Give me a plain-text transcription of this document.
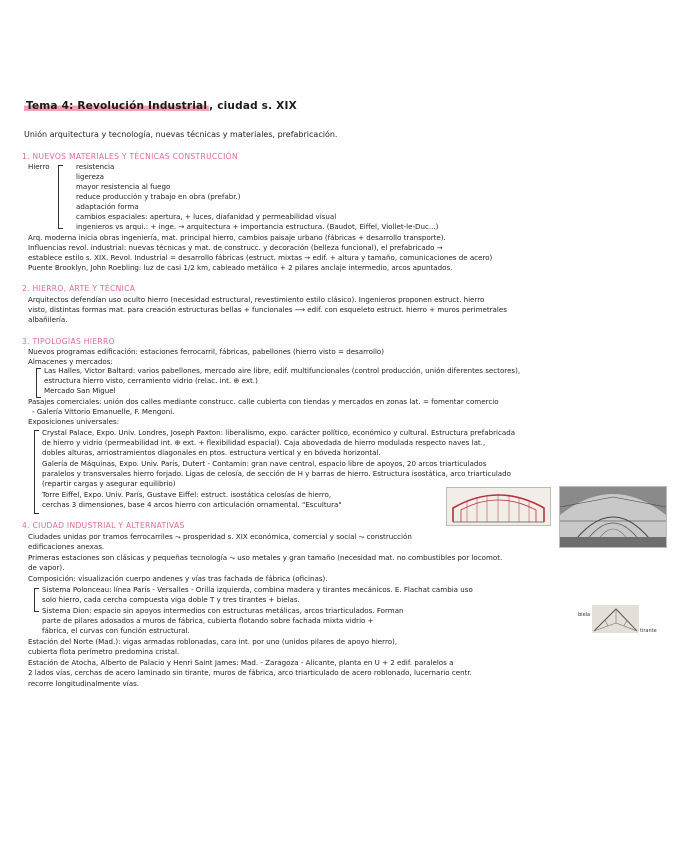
Tema 4: Revolución Industrial , ciudad s. XIX
Unión arquitectura y tecnología, nuevas técnicas y materiales, prefabricación.
1. NUEVOS MATERIALES Y TÉCNICAS CONSTRUCCIÓN
Hierro	resistencia
ligereza
mayor resistencia al fuego
reduce producción y trabajo en obra (prefabr.)
adaptación forma
cambios espaciales: apertura, + luces, diafanidad y permeabilidad visual
ingenieros vs arqui.: + inge. → arquitectura + importancia estructura. (Baudot, Eiffel, Viollet-le-Duc...)
Arq. moderna inicia obras ingeniería, mat. principal hierro, cambios paisaje urbano (fábricas + desarrollo transporte).
Influencias revol. industrial: nuevas técnicas y mat. de construcc. y decoración (belleza funcional), el prefabricado →
establece estilo s. XIX. Revol. Industrial = desarrollo fábricas (estruct. mixtas → edif. + altura y tamaño, comunicaciones de acero)
Puente Brooklyn, John Roebling: luz de casi 1/2 km, cableado metálico + 2 pilares anclaje intermedio, arcos apuntados.
2. HIERRO, ARTE Y TÉCNICA
Arquitectos defendían uso oculto hierro (necesidad estructural, revestimiento estilo clásico). Ingenieros proponen estruct. hierro
visto, distintas formas mat. para creación estructuras bellas + funcionales ⟶ edif. con esqueleto estruct. hierro + muros perimetrales
albañilería.
3. TIPOLOGÍAS HIERRO
Nuevos programas edificación: estaciones ferrocarril, fábricas, pabellones (hierro visto = desarrollo)
Almacenes y mercados:
Las Halles, Victor Baltard: varios pabellones, mercado aire libre, edif. multifuncionales (control producción, unión diferentes sectores),
estructura hierro visto, cerramiento vidrio (relac. int. ⊕ ext.)
Mercado San Miguel
Pasajes comerciales: unión dos calles mediante construcc. calle cubierta con tiendas y mercados en zonas lat. = fomentar comercio
- Galería Vittorio Emanuelle, F. Mengoni.
Exposiciones universales:
Crystal Palace, Expo. Univ. Londres, Joseph Paxton: liberalismo, expo. carácter político, económico y cultural. Estructura prefabricada
de hierro y vidrio (permeabilidad int. ⊕ ext. + flexibilidad espacial). Caja abovedada de hierro modulada respecto naves lat.,
dobles alturas, arriostramientos diagonales en ptos. estructura vertical y en bóveda horizontal.
Galería de Máquinas, Expo. Univ. París, Dutert - Contamin: gran nave central, espacio libre de apoyos, 20 arcos triarticulados
paralelos y transversales hierro forjado. Ligas de celosía, de sección de H y barras de hierro. Estructura isostática, arco triarticulado
(repartir cargas y asegurar equilibrio)
Torre Eiffel, Expo. Univ. París, Gustave Eiffel: estruct. isostática celosías de hierro,
cerchas 3 dimensiones, base 4 arcos hierro con articulación ornamental. "Escultura"
4. CIUDAD INDUSTRIAL Y ALTERNATIVAS
Ciudades unidas por tramos ferrocarriles ⤳ prosperidad s. XIX económica, comercial y social ⤳ construcción
edificaciones anexas.
Primeras estaciones son clásicas y pequeñas tecnología ⤳ uso metales y gran tamaño (necesidad mat. no combustibles por locomot.
de vapor).
Composición: visualización cuerpo andenes y vías tras fachada de fábrica (oficinas).
Sistema Polonceau: línea París - Versalles - Orilla izquierda, combina madera y tirantes mecánicos. E. Flachat cambia uso
solo hierro, cada cercha compuesta viga doble T y tres tirantes + bielas.
Sistema Dion: espacio sin apoyos intermedios con estructuras metálicas, arcos triarticulados. Forman
parte de pilares adosados a muros de fábrica, cubierta flotando sobre fachada mixta vidrio +
fábrica, el curvas con función estructural.
Estación del Norte (Mad.): vigas armadas roblonadas, cara int. por uno (unidos pilares de apoyo hierro),
cubierta flota perímetro predomina cristal.
Estación de Atocha, Alberto de Palacio y Henri Saint James: Mad. - Zaragoza - Alicante, planta en U + 2 edif. paralelos a
2 lados vías, cerchas de acero laminado sin tirante, muros de fábrica, arco triarticulado de acero roblonado, lucernario centr.
recorre longitudinalmente vías.
biela
tirante
